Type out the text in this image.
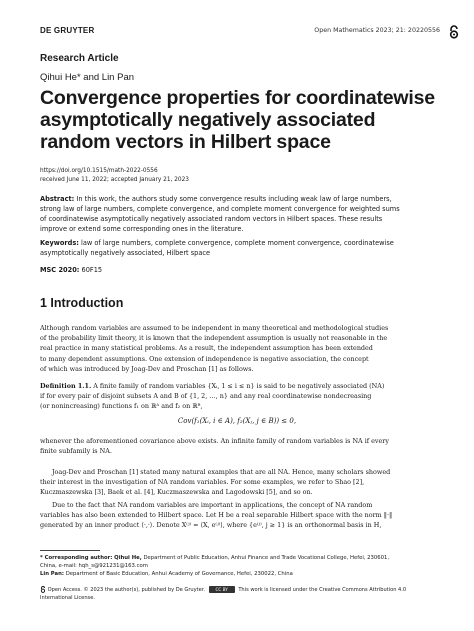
DE GRUYTER	Open Mathematics 2023; 21: 20220556
Research Article
Qihui He* and Lin Pan
Convergence properties for coordinatewise
asymptotically negatively associated
random vectors in Hilbert space
https://doi.org/10.1515/math-2022-0556
received June 11, 2022; accepted January 21, 2023
Abstract: In this work, the authors study some convergence results including weak law of large numbers,
strong law of large numbers, complete convergence, and complete moment convergence for weighted sums
of coordinatewise asymptotically negatively associated random vectors in Hilbert spaces. These results
improve or extend some corresponding ones in the literature.
Keywords: law of large numbers, complete convergence, complete moment convergence, coordinatewise
asymptotically negatively associated, Hilbert space
MSC 2020: 60F15
1 Introduction
Although random variables are assumed to be independent in many theoretical and methodological studies
of the probability limit theory, it is known that the independent assumption is usually not reasonable in the
real practice in many statistical problems. As a result, the independent assumption has been extended
to many dependent assumptions. One extension of independence is negative association, the concept
of which was introduced by Joag-Dev and Proschan [1] as follows.
Definition 1.1. A finite family of random variables {Xᵢ, 1 ≤ i ≤ n} is said to be negatively associated (NA)
if for every pair of disjoint subsets A and B of {1, 2, …, n} and any real coordinatewise nondecreasing
(or nonincreasing) functions f₁ on ℝᴬ and f₂ on ℝᴮ,
Cov(f₁(Xᵢ, i ∈ A), f₂(Xⱼ, j ∈ B)) ≤ 0,
whenever the aforementioned covariance above exists. An infinite family of random variables is NA if every
finite subfamily is NA.
Joag-Dev and Proschan [1] stated many natural examples that are all NA. Hence, many scholars showed
their interest in the investigation of NA random variables. For some examples, we refer to Shao [2],
Kuczmaszewska [3], Baek et al. [4], Kuczmaszewska and Lagodowski [5], and so on.
Due to the fact that NA random variables are important in applications, the concept of NA random
variables has also been extended to Hilbert space. Let H be a real separable Hilbert space with the norm ‖·‖
generated by an inner product ⟨·,·⟩. Denote X⁽ʲ⁾ = ⟨X, e⁽ʲ⁾⟩, where {e⁽ʲ⁾, j ≥ 1} is an orthonormal basis in H,
* Corresponding author: Qihui He, Department of Public Education, Anhui Finance and Trade Vocational College, Hefei, 230601,
China, e-mail: hqh_s@921231@163.com
Lin Pan: Department of Basic Education, Anhui Academy of Governance, Hefei, 230022, China
Open Access. © 2023 the author(s), published by De Gruyter. CC BY This work is licensed under the Creative Commons Attribution 4.0
International License.
